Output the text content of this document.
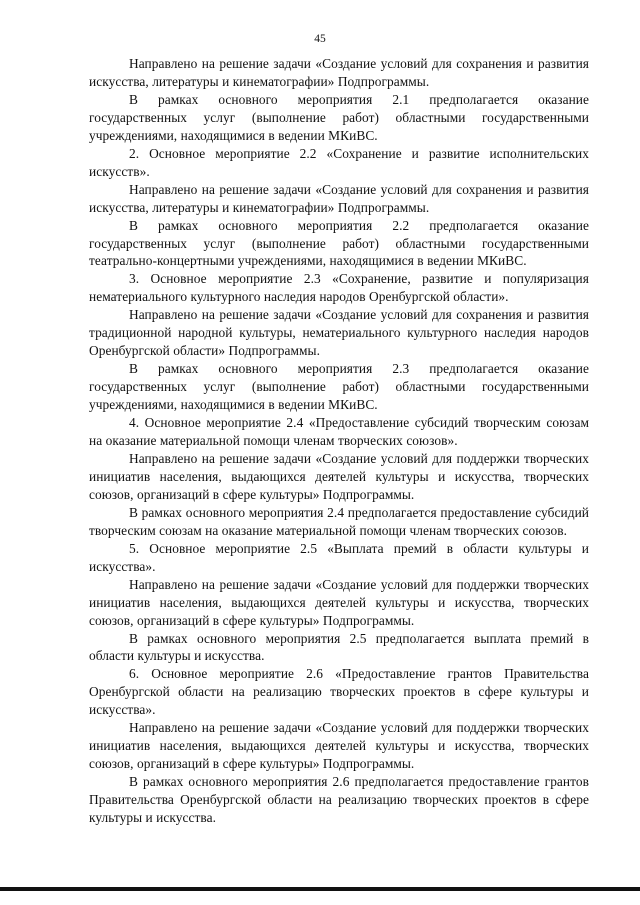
45

Направлено на решение задачи «Создание условий для сохранения и развития искусства, литературы и кинематографии» Подпрограммы.

В рамках основного мероприятия 2.1 предполагается оказание государственных услуг (выполнение работ) областными государственными учреждениями, находящимися в ведении МКиВС.

2. Основное мероприятие 2.2 «Сохранение и развитие исполнительских искусств».

Направлено на решение задачи «Создание условий для сохранения и развития искусства, литературы и кинематографии» Подпрограммы.

В рамках основного мероприятия 2.2 предполагается оказание государственных услуг (выполнение работ) областными государственными театрально-концертными учреждениями, находящимися в ведении МКиВС.

3. Основное мероприятие 2.3 «Сохранение, развитие и популяризация нематериального культурного наследия народов Оренбургской области».

Направлено на решение задачи «Создание условий для сохранения и развития традиционной народной культуры, нематериального культурного наследия народов Оренбургской области» Подпрограммы.

В рамках основного мероприятия 2.3 предполагается оказание государственных услуг (выполнение работ) областными государственными учреждениями, находящимися в ведении МКиВС.

4. Основное мероприятие 2.4 «Предоставление субсидий творческим союзам на оказание материальной помощи членам творческих союзов».

Направлено на решение задачи «Создание условий для поддержки творческих инициатив населения, выдающихся деятелей культуры и искусства, творческих союзов, организаций в сфере культуры» Подпрограммы.

В рамках основного мероприятия 2.4 предполагается предоставление субсидий творческим союзам на оказание материальной помощи членам творческих союзов.

5. Основное мероприятие 2.5 «Выплата премий в области культуры и искусства».

Направлено на решение задачи «Создание условий для поддержки творческих инициатив населения, выдающихся деятелей культуры и искусства, творческих союзов, организаций в сфере культуры» Подпрограммы.

В рамках основного мероприятия 2.5 предполагается выплата премий в области культуры и искусства.

6. Основное мероприятие 2.6 «Предоставление грантов Правительства Оренбургской области на реализацию творческих проектов в сфере культуры и искусства».

Направлено на решение задачи «Создание условий для поддержки творческих инициатив населения, выдающихся деятелей культуры и искусства, творческих союзов, организаций в сфере культуры» Подпрограммы.

В рамках основного мероприятия 2.6 предполагается предоставление грантов Правительства Оренбургской области на реализацию творческих проектов в сфере культуры и искусства.
